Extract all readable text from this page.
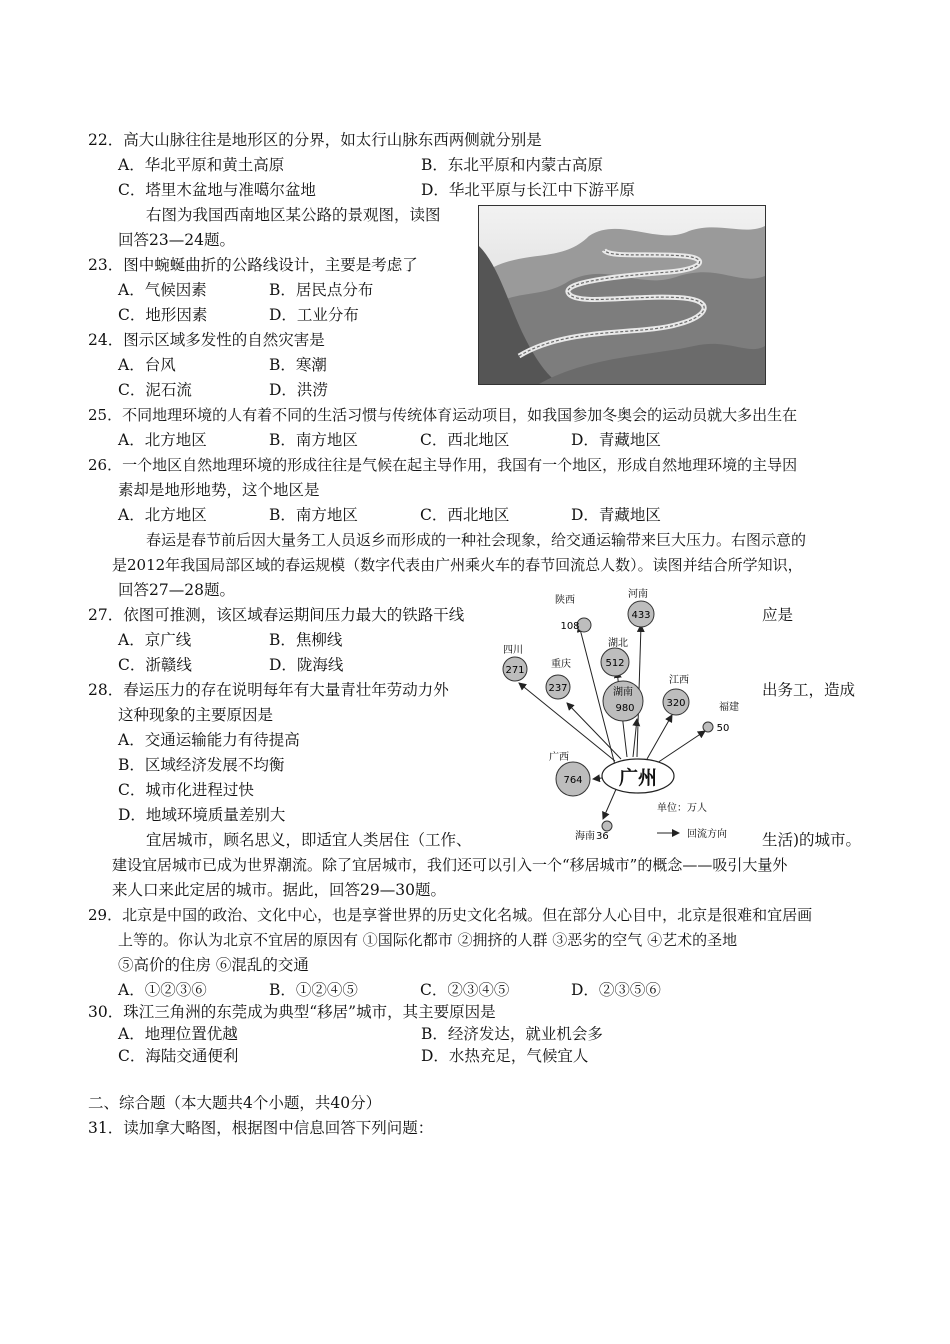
22．高大山脉往往是地形区的分界，如太行山脉东西两侧就分别是
A．华北平原和黄土高原	B．东北平原和内蒙古高原
C．塔里木盆地与准噶尔盆地	D．华北平原与长江中下游平原
右图为我国西南地区某公路的景观图，读图
回答23—24题。
23．图中蜿蜒曲折的公路线设计，主要是考虑了
A．气候因素	B．居民点分布
C．地形因素	D．工业分布
24．图示区域多发性的自然灾害是
A．台风	B．寒潮
C．泥石流	D．洪涝
25．不同地理环境的人有着不同的生活习惯与传统体育运动项目，如我国参加冬奥会的运动员就大多出生在
A．北方地区	B．南方地区	C．西北地区	D．青藏地区
26．一个地区自然地理环境的形成往往是气候在起主导作用，我国有一个地区，形成自然地理环境的主导因
素却是地形地势，这个地区是
A．北方地区	B．南方地区	C．西北地区	D．青藏地区
春运是春节前后因大量务工人员返乡而形成的一种社会现象，给交通运输带来巨大压力。右图示意的
是2012年我国局部区域的春运规模（数字代表由广州乘火车的春节回流总人数）。读图并结合所学知识，
回答27—28题。
27．依图可推测，该区域春运期间压力最大的铁路干线	应是
A．京广线	B．焦柳线
C．浙赣线	D．陇海线
28．春运压力的存在说明每年有大量青壮年劳动力外	出务工，造成
这种现象的主要原因是
A．交通运输能力有待提高
B．区域经济发展不均衡
C．城市化进程过快
D．地域环境质量差别大
广州
陕西
108
河南
433
湖北
512
四川
271
重庆
237	湖南
980
江西
320	福建
50
广西
764
海南 36
单位：万人
回流方向
宜居城市，顾名思义，即适宜人类居住（工作、	生活)的城市。
建设宜居城市已成为世界潮流。除了宜居城市，我们还可以引入一个“移居城市”的概念——吸引大量外
来人口来此定居的城市。据此，回答29—30题。
29．北京是中国的政治、文化中心，也是享誉世界的历史文化名城。但在部分人心目中，北京是很难和宜居画
上等的。你认为北京不宜居的原因有 ①国际化都市 ②拥挤的人群 ③恶劣的空气 ④艺术的圣地
⑤高价的住房 ⑥混乱的交通
A．①②③⑥	B．①②④⑤	C．②③④⑤	D．②③⑤⑥
30．珠江三角洲的东莞成为典型“移居”城市，其主要原因是
A．地理位置优越	B．经济发达，就业机会多
C．海陆交通便利	D．水热充足，气候宜人
二、综合题（本大题共4个小题，共40分）
31．读加拿大略图，根据图中信息回答下列问题：
